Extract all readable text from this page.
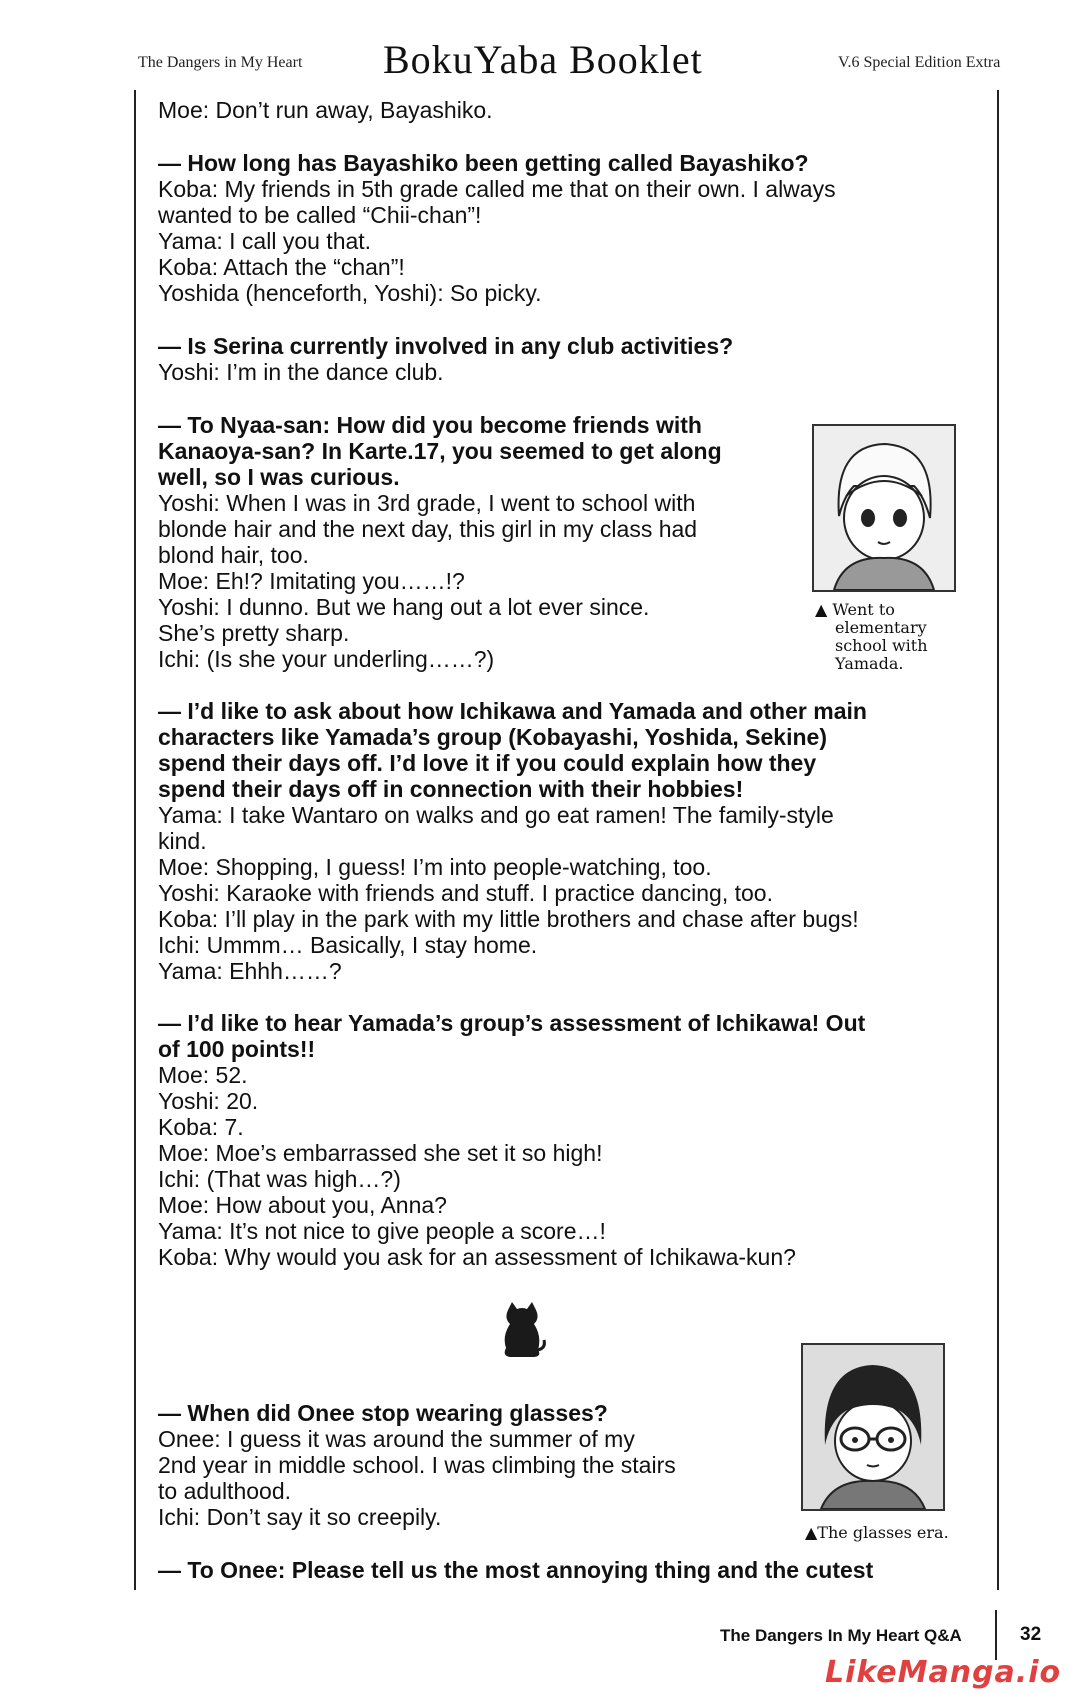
The Dangers in My Heart BokuYaba Booklet	V.6 Special Edition Extra

Moe: Don’t run away, Bayashiko.

— How long has Bayashiko been getting called Bayashiko?

Koba: My friends in 5th grade called me that on their own. I always

wanted to be called “Chii-chan”!

Yama: I call you that.

Koba: Attach the “chan”!

Yoshida (henceforth, Yoshi): So picky.

— Is Serina currently involved in any club activities?

Yoshi: I’m in the dance club.

— To Nyaa-san: How did you become friends with

Kanaoya-san? In Karte.17, you seemed to get along

well, so I was curious.

Yoshi: When I was in 3rd grade, I went to school with

blonde hair and the next day, this girl in my class had

blond hair, too.

Moe: Eh!? Imitating you……!?

Yoshi: I dunno. But we hang out a lot ever since.

She’s pretty sharp.

Ichi: (Is she your underling……?)

▲ Went to
elementary
school with
Yamada.

— I’d like to ask about how Ichikawa and Yamada and other main

characters like Yamada’s group (Kobayashi, Yoshida, Sekine)

spend their days off. I’d love it if you could explain how they

spend their days off in connection with their hobbies!

Yama: I take Wantaro on walks and go eat ramen! The family-style

kind.

Moe: Shopping, I guess! I’m into people-watching, too.

Yoshi: Karaoke with friends and stuff. I practice dancing, too.

Koba: I’ll play in the park with my little brothers and chase after bugs!

Ichi: Ummm… Basically, I stay home.

Yama: Ehhh……?

— I’d like to hear Yamada’s group’s assessment of Ichikawa! Out

of 100 points!!

Moe: 52.

Yoshi: 20.

Koba: 7.

Moe: Moe’s embarrassed she set it so high!

Ichi: (That was high…?)

Moe: How about you, Anna?

Yama: It’s not nice to give people a score…!

Koba: Why would you ask for an assessment of Ichikawa-kun?

— When did Onee stop wearing glasses?

Onee: I guess it was around the summer of my

2nd year in middle school. I was climbing the stairs

to adulthood.

Ichi: Don’t say it so creepily.

▲The glasses era.

— To Onee: Please tell us the most annoying thing and the cutest

The Dangers In My Heart Q&A	32
LikeManga.io
